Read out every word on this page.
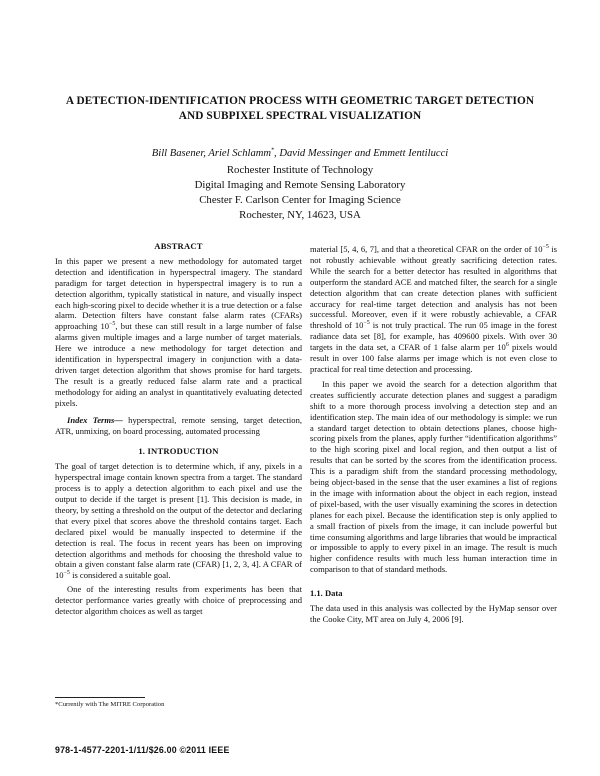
A DETECTION-IDENTIFICATION PROCESS WITH GEOMETRIC TARGET DETECTION
AND SUBPIXEL SPECTRAL VISUALIZATION
Bill Basener, Ariel Schlamm*, David Messinger and Emmett Ientilucci
Rochester Institute of Technology
Digital Imaging and Remote Sensing Laboratory
Chester F. Carlson Center for Imaging Science
Rochester, NY, 14623, USA
ABSTRACT

In this paper we present a new methodology for automated target detection and identification in hyperspectral imagery. The standard paradigm for target detection in hyperspectral imagery is to run a detection algorithm, typically statistical in nature, and visually inspect each high-scoring pixel to decide whether it is a true detection or a false alarm. Detection filters have constant false alarm rates (CFARs) approaching $10^{-5}$, but these can still result in a large number of false alarms given multiple images and a large number of target materials. Here we introduce a new methodology for target detection and identification in hyperspectral imagery in conjunction with a data-driven target detection algorithm that shows promise for hard targets. The result is a greatly reduced false alarm rate and a practical methodology for aiding an analyst in quantitatively evaluating detected pixels.

Index Terms— hyperspectral, remote sensing, target detection, ATR, unmixing, on board processing, automated processing

1. INTRODUCTION

The goal of target detection is to determine which, if any, pixels in a hyperspectral image contain known spectra from a target. The standard process is to apply a detection algorithm to each pixel and use the output to decide if the target is present [1]. This decision is made, in theory, by setting a threshold on the output of the detector and declaring that every pixel that scores above the threshold contains target. Each declared pixel would be manually inspected to determine if the detection is real. The focus in recent years has been on improving detection algorithms and methods for choosing the threshold value to obtain a given constant false alarm rate (CFAR) [1, 2, 3, 4]. A CFAR of $10^{-5}$ is considered a suitable goal.

One of the interesting results from experiments has been that detector performance varies greatly with choice of preprocessing and detector algorithm choices as well as target

*Currently with The MITRE Corporation

material [5, 4, 6, 7], and that a theoretical CFAR on the order of $10^{-5}$ is not robustly achievable without greatly sacrificing detection rates. While the search for a better detector has resulted in algorithms that outperform the standard ACE and matched filter, the search for a single detection algorithm that can create detection planes with sufficient accuracy for real-time target detection and analysis has not been successful. Moreover, even if it were robustly achievable, a CFAR threshold of $10^{-5}$ is not truly practical. The run 05 image in the forest radiance data set [8], for example, has 409600 pixels. With over 30 targets in the data set, a CFAR of 1 false alarm per $10^6$ pixels would result in over 100 false alarms per image which is not even close to practical for real time detection and processing.

In this paper we avoid the search for a detection algorithm that creates sufficiently accurate detection planes and suggest a paradigm shift to a more thorough process involving a detection step and an identification step. The main idea of our methodology is simple: we run a standard target detection to obtain detections planes, choose high-scoring pixels from the planes, apply further “identification algorithms” to the high scoring pixel and local region, and then output a list of results that can be sorted by the scores from the identification process. This is a paradigm shift from the standard processing methodology, being object-based in the sense that the user examines a list of regions in the image with information about the object in each region, instead of pixel-based, with the user visually examining the scores in detection planes for each pixel. Because the identification step is only applied to a small fraction of pixels from the image, it can include powerful but time consuming algorithms and large libraries that would be impractical or impossible to apply to every pixel in an image. The result is much higher confidence results with much less human interaction time in comparison to that of standard methods.

1.1. Data

The data used in this analysis was collected by the HyMap sensor over the Cooke City, MT area on July 4, 2006 [9].

978-1-4577-2201-1/11/$26.00 ©2011 IEEE
